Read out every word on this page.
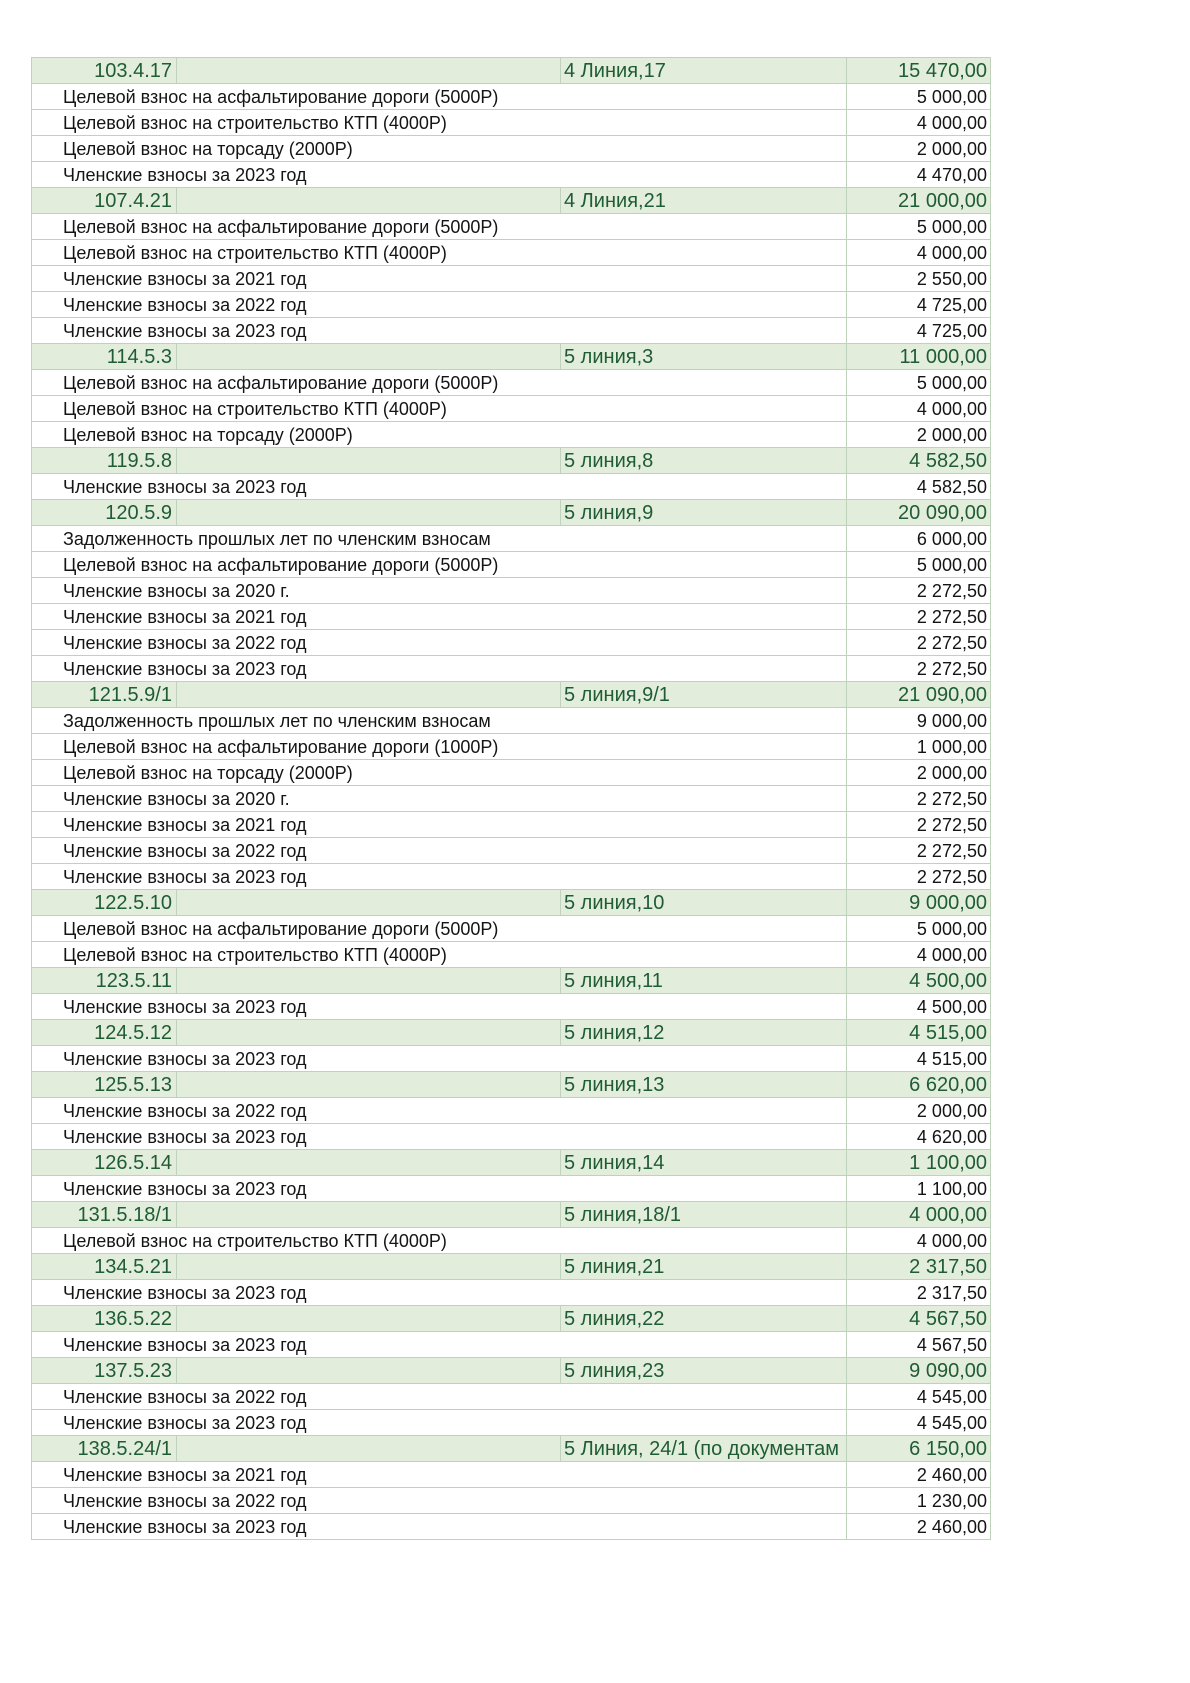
103.4.17		4 Линия,17	15 470,00
Целевой взнос на асфальтирование дороги (5000Р)			5 000,00
Целевой взнос на строительство КТП (4000Р)			4 000,00
Целевой взнос на торсаду (2000Р)			2 000,00
Членские взносы за 2023 год			4 470,00
107.4.21		4 Линия,21	21 000,00
Целевой взнос на асфальтирование дороги (5000Р)			5 000,00
Целевой взнос на строительство КТП (4000Р)			4 000,00
Членские взносы за 2021 год			2 550,00
Членские взносы за 2022 год			4 725,00
Членские взносы за 2023 год			4 725,00
114.5.3		5 линия,3	11 000,00
Целевой взнос на асфальтирование дороги (5000Р)			5 000,00
Целевой взнос на строительство КТП (4000Р)			4 000,00
Целевой взнос на торсаду (2000Р)			2 000,00
119.5.8		5 линия,8	4 582,50
Членские взносы за 2023 год			4 582,50
120.5.9		5 линия,9	20 090,00
Задолженность прошлых лет по членским взносам			6 000,00
Целевой взнос на асфальтирование дороги (5000Р)			5 000,00
Членские взносы за 2020 г.			2 272,50
Членские взносы за 2021 год			2 272,50
Членские взносы за 2022 год			2 272,50
Членские взносы за 2023 год			2 272,50
121.5.9/1		5 линия,9/1	21 090,00
Задолженность прошлых лет по членским взносам			9 000,00
Целевой взнос на асфальтирование дороги (1000Р)			1 000,00
Целевой взнос на торсаду (2000Р)			2 000,00
Членские взносы за 2020 г.			2 272,50
Членские взносы за 2021 год			2 272,50
Членские взносы за 2022 год			2 272,50
Членские взносы за 2023 год			2 272,50
122.5.10		5 линия,10	9 000,00
Целевой взнос на асфальтирование дороги (5000Р)			5 000,00
Целевой взнос на строительство КТП (4000Р)			4 000,00
123.5.11		5 линия,11	4 500,00
Членские взносы за 2023 год			4 500,00
124.5.12		5 линия,12	4 515,00
Членские взносы за 2023 год			4 515,00
125.5.13		5 линия,13	6 620,00
Членские взносы за 2022 год			2 000,00
Членские взносы за 2023 год			4 620,00
126.5.14		5 линия,14	1 100,00
Членские взносы за 2023 год			1 100,00
131.5.18/1		5 линия,18/1	4 000,00
Целевой взнос на строительство КТП (4000Р)			4 000,00
134.5.21		5 линия,21	2 317,50
Членские взносы за 2023 год			2 317,50
136.5.22		5 линия,22	4 567,50
Членские взносы за 2023 год			4 567,50
137.5.23		5 линия,23	9 090,00
Членские взносы за 2022 год			4 545,00
Членские взносы за 2023 год			4 545,00
138.5.24/1		5 Линия, 24/1 (по документам	6 150,00
Членские взносы за 2021 год			2 460,00
Членские взносы за 2022 год			1 230,00
Членские взносы за 2023 год			2 460,00
